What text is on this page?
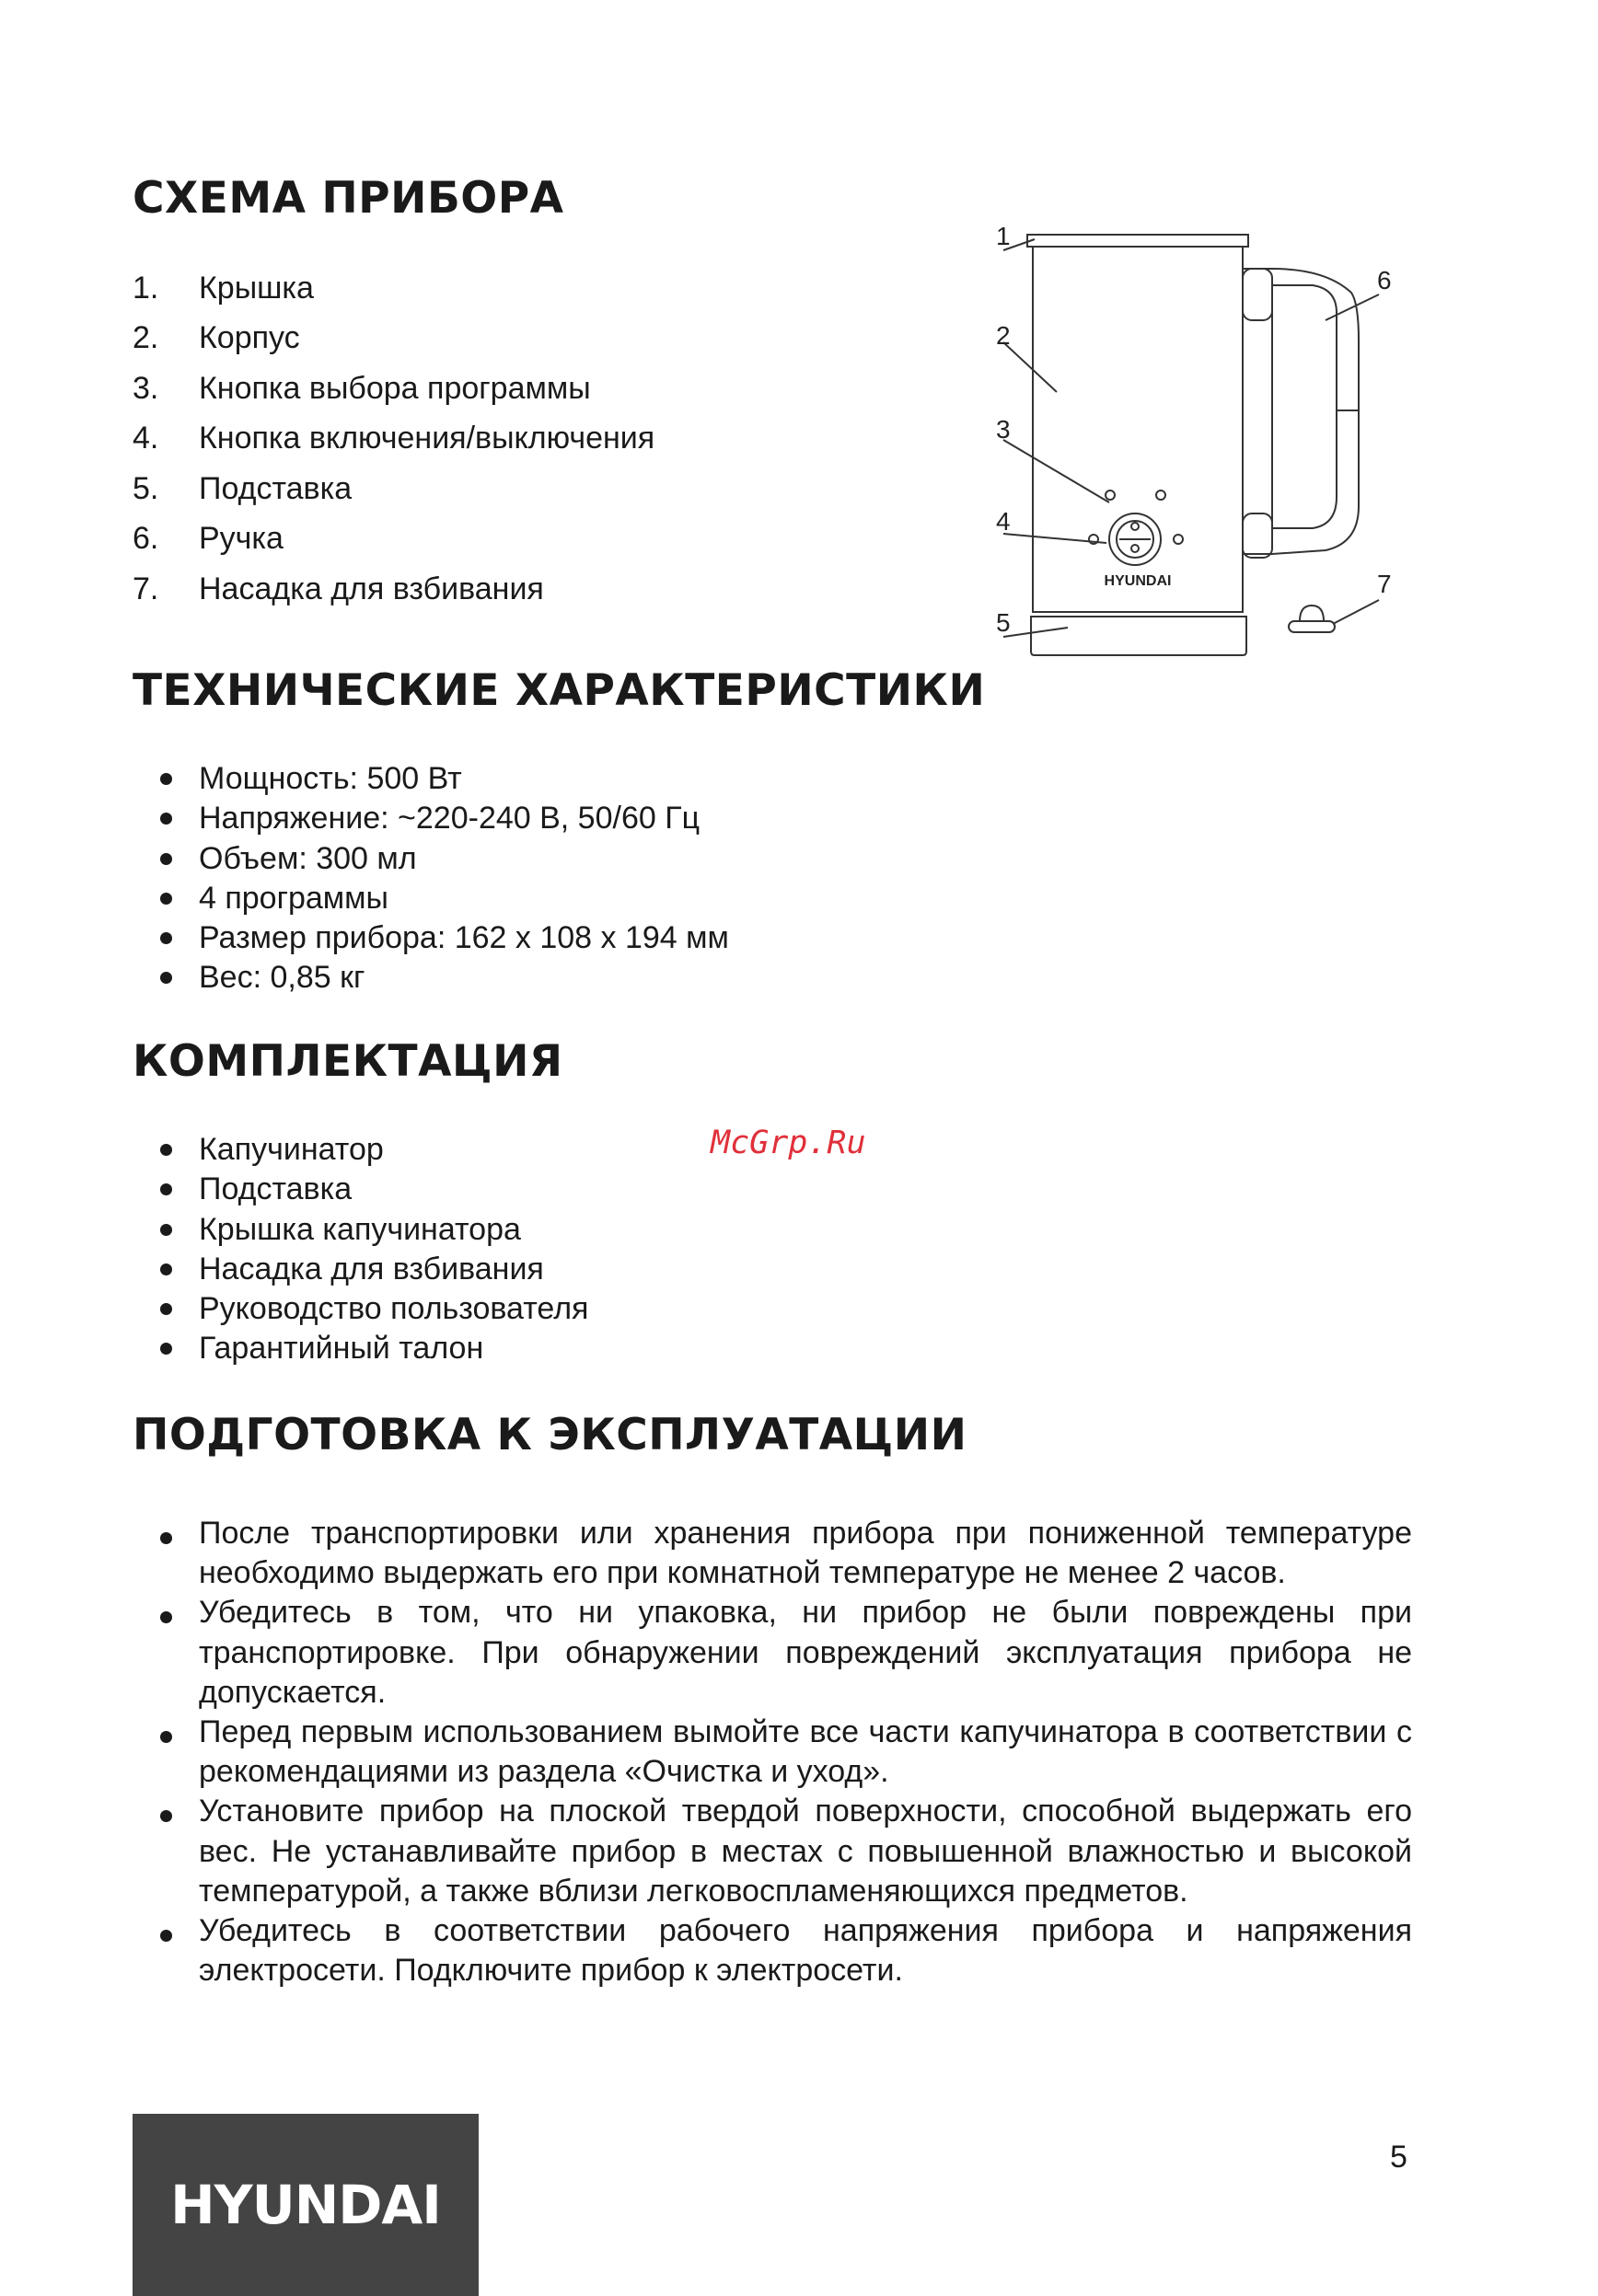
СХЕМА ПРИБОРА
1.	Крышка
2.	Корпус
3.	Кнопка выбора программы
4.	Кнопка включения/выключения
5.	Подставка
6.	Ручка
7.	Насадка для взбивания
1
2
3
4
5
6
7
HYUNDAI
ТЕХНИЧЕСКИЕ ХАРАКТЕРИСТИКИ
Мощность: 500 Вт
Напряжение: ~220-240 В, 50/60 Гц
Объем: 300 мл
4 программы
Размер прибора: 162 х 108 х 194 мм
Вес: 0,85 кг
КОМПЛЕКТАЦИЯ
Капучинатор
Подставка
Крышка капучинатора
Насадка для взбивания
Руководство пользователя
Гарантийный талон
McGrp.Ru
ПОДГОТОВКА К ЭКСПЛУАТАЦИИ
После транспортировки или хранения прибора при пониженной температуре необходимо выдержать его при комнатной температуре не менее 2 часов.
Убедитесь в том, что ни упаковка, ни прибор не были повреждены при транспортировке. При обнаружении повреждений эксплуатация прибора не допускается.
Перед первым использованием вымойте все части капучинатора в соответствии с рекомендациями из раздела «Очистка и уход».
Установите прибор на плоской твердой поверхности, способной выдержать его вес. Не устанавливайте прибор в местах с повышенной влажностью и высокой температурой, а также вблизи легковоспламеняющихся предметов.
Убедитесь в соответствии рабочего напряжения прибора и напряжения электросети. Подключите прибор к электросети.
HYUNDAI
5
